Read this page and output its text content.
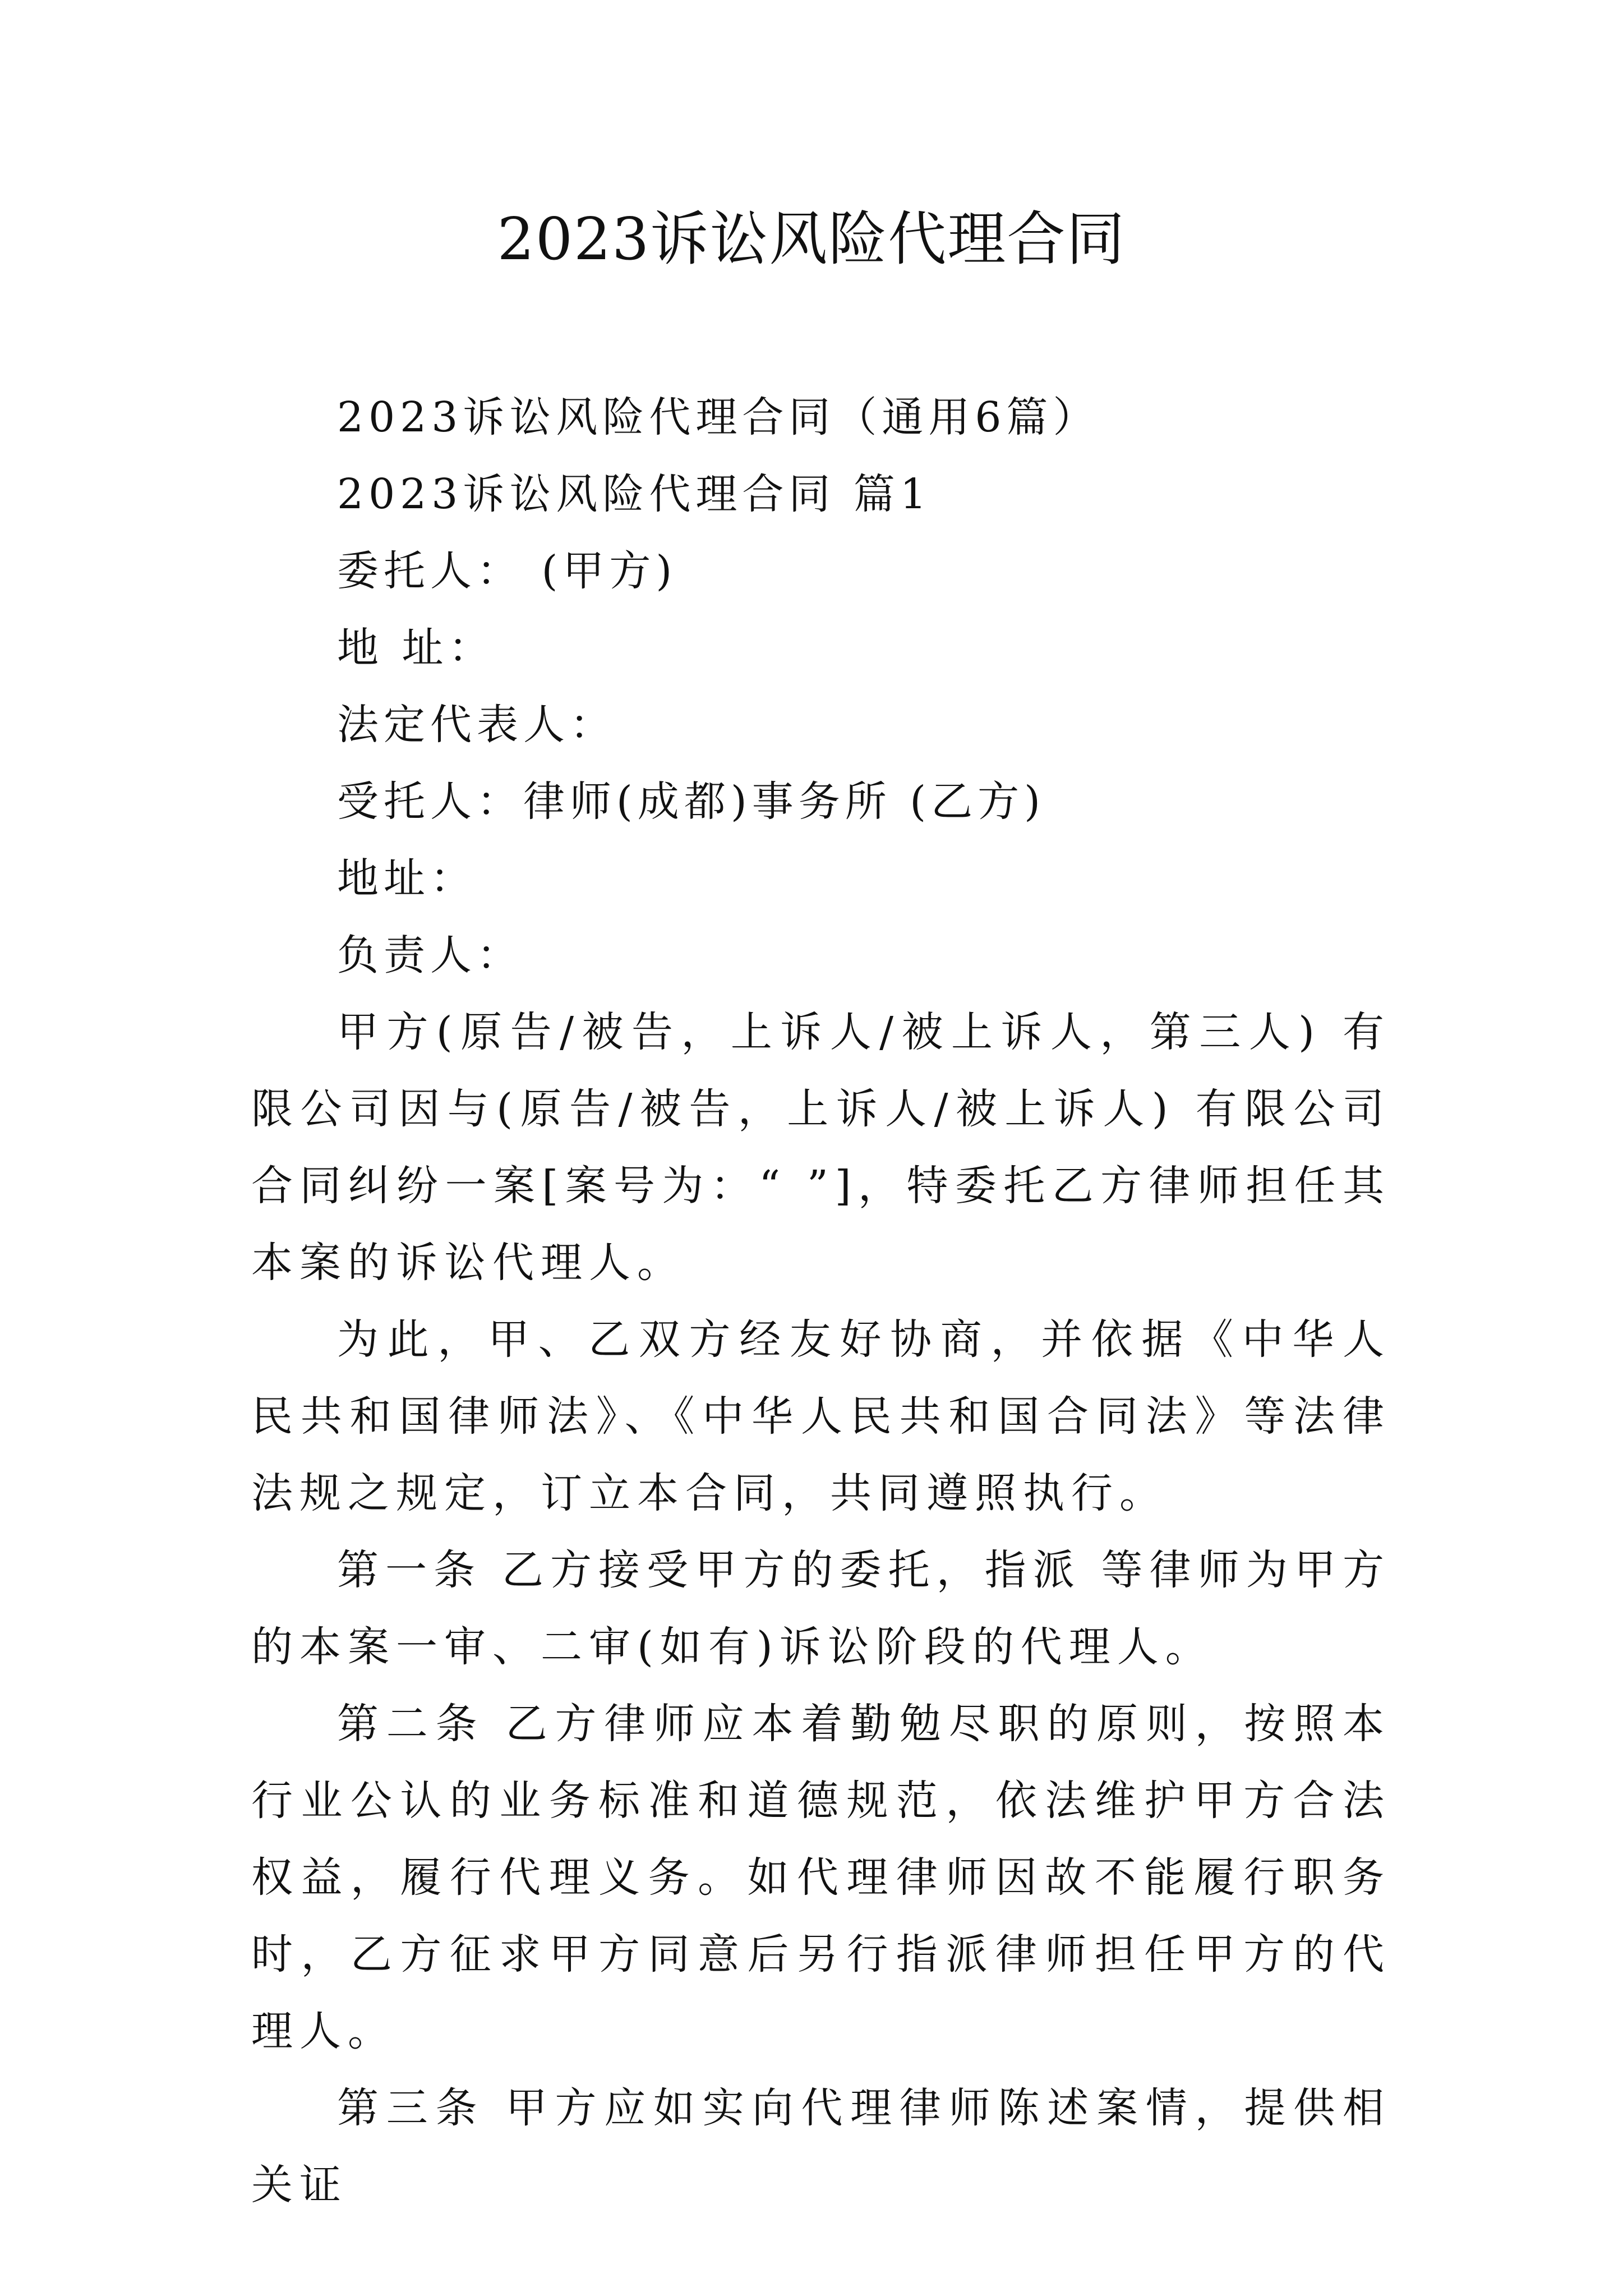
2023诉讼风险代理合同

2023诉讼风险代理合同（通用6篇）

2023诉讼风险代理合同 篇1

委托人： (甲方)

地 址：

法定代表人：

受托人：律师(成都)事务所 (乙方)

地址：

负责人：

甲方(原告/被告，上诉人/被上诉人，第三人) 有限公司因与(原告/被告，上诉人/被上诉人) 有限公司 合同纠纷一案[案号为：“ ”]，特委托乙方律师担任其本案的诉讼代理人。

为此，甲、乙双方经友好协商，并依据《中华人民共和国律师法》、《中华人民共和国合同法》等法律法规之规定，订立本合同，共同遵照执行。

第一条 乙方接受甲方的委托，指派 等律师为甲方的本案一审、二审(如有)诉讼阶段的代理人。

第二条 乙方律师应本着勤勉尽职的原则，按照本行业公认的业务标准和道德规范，依法维护甲方合法权益，履行代理义务。如代理律师因故不能履行职务时，乙方征求甲方同意后另行指派律师担任甲方的代理人。

第三条 甲方应如实向代理律师陈述案情，提供相关证
